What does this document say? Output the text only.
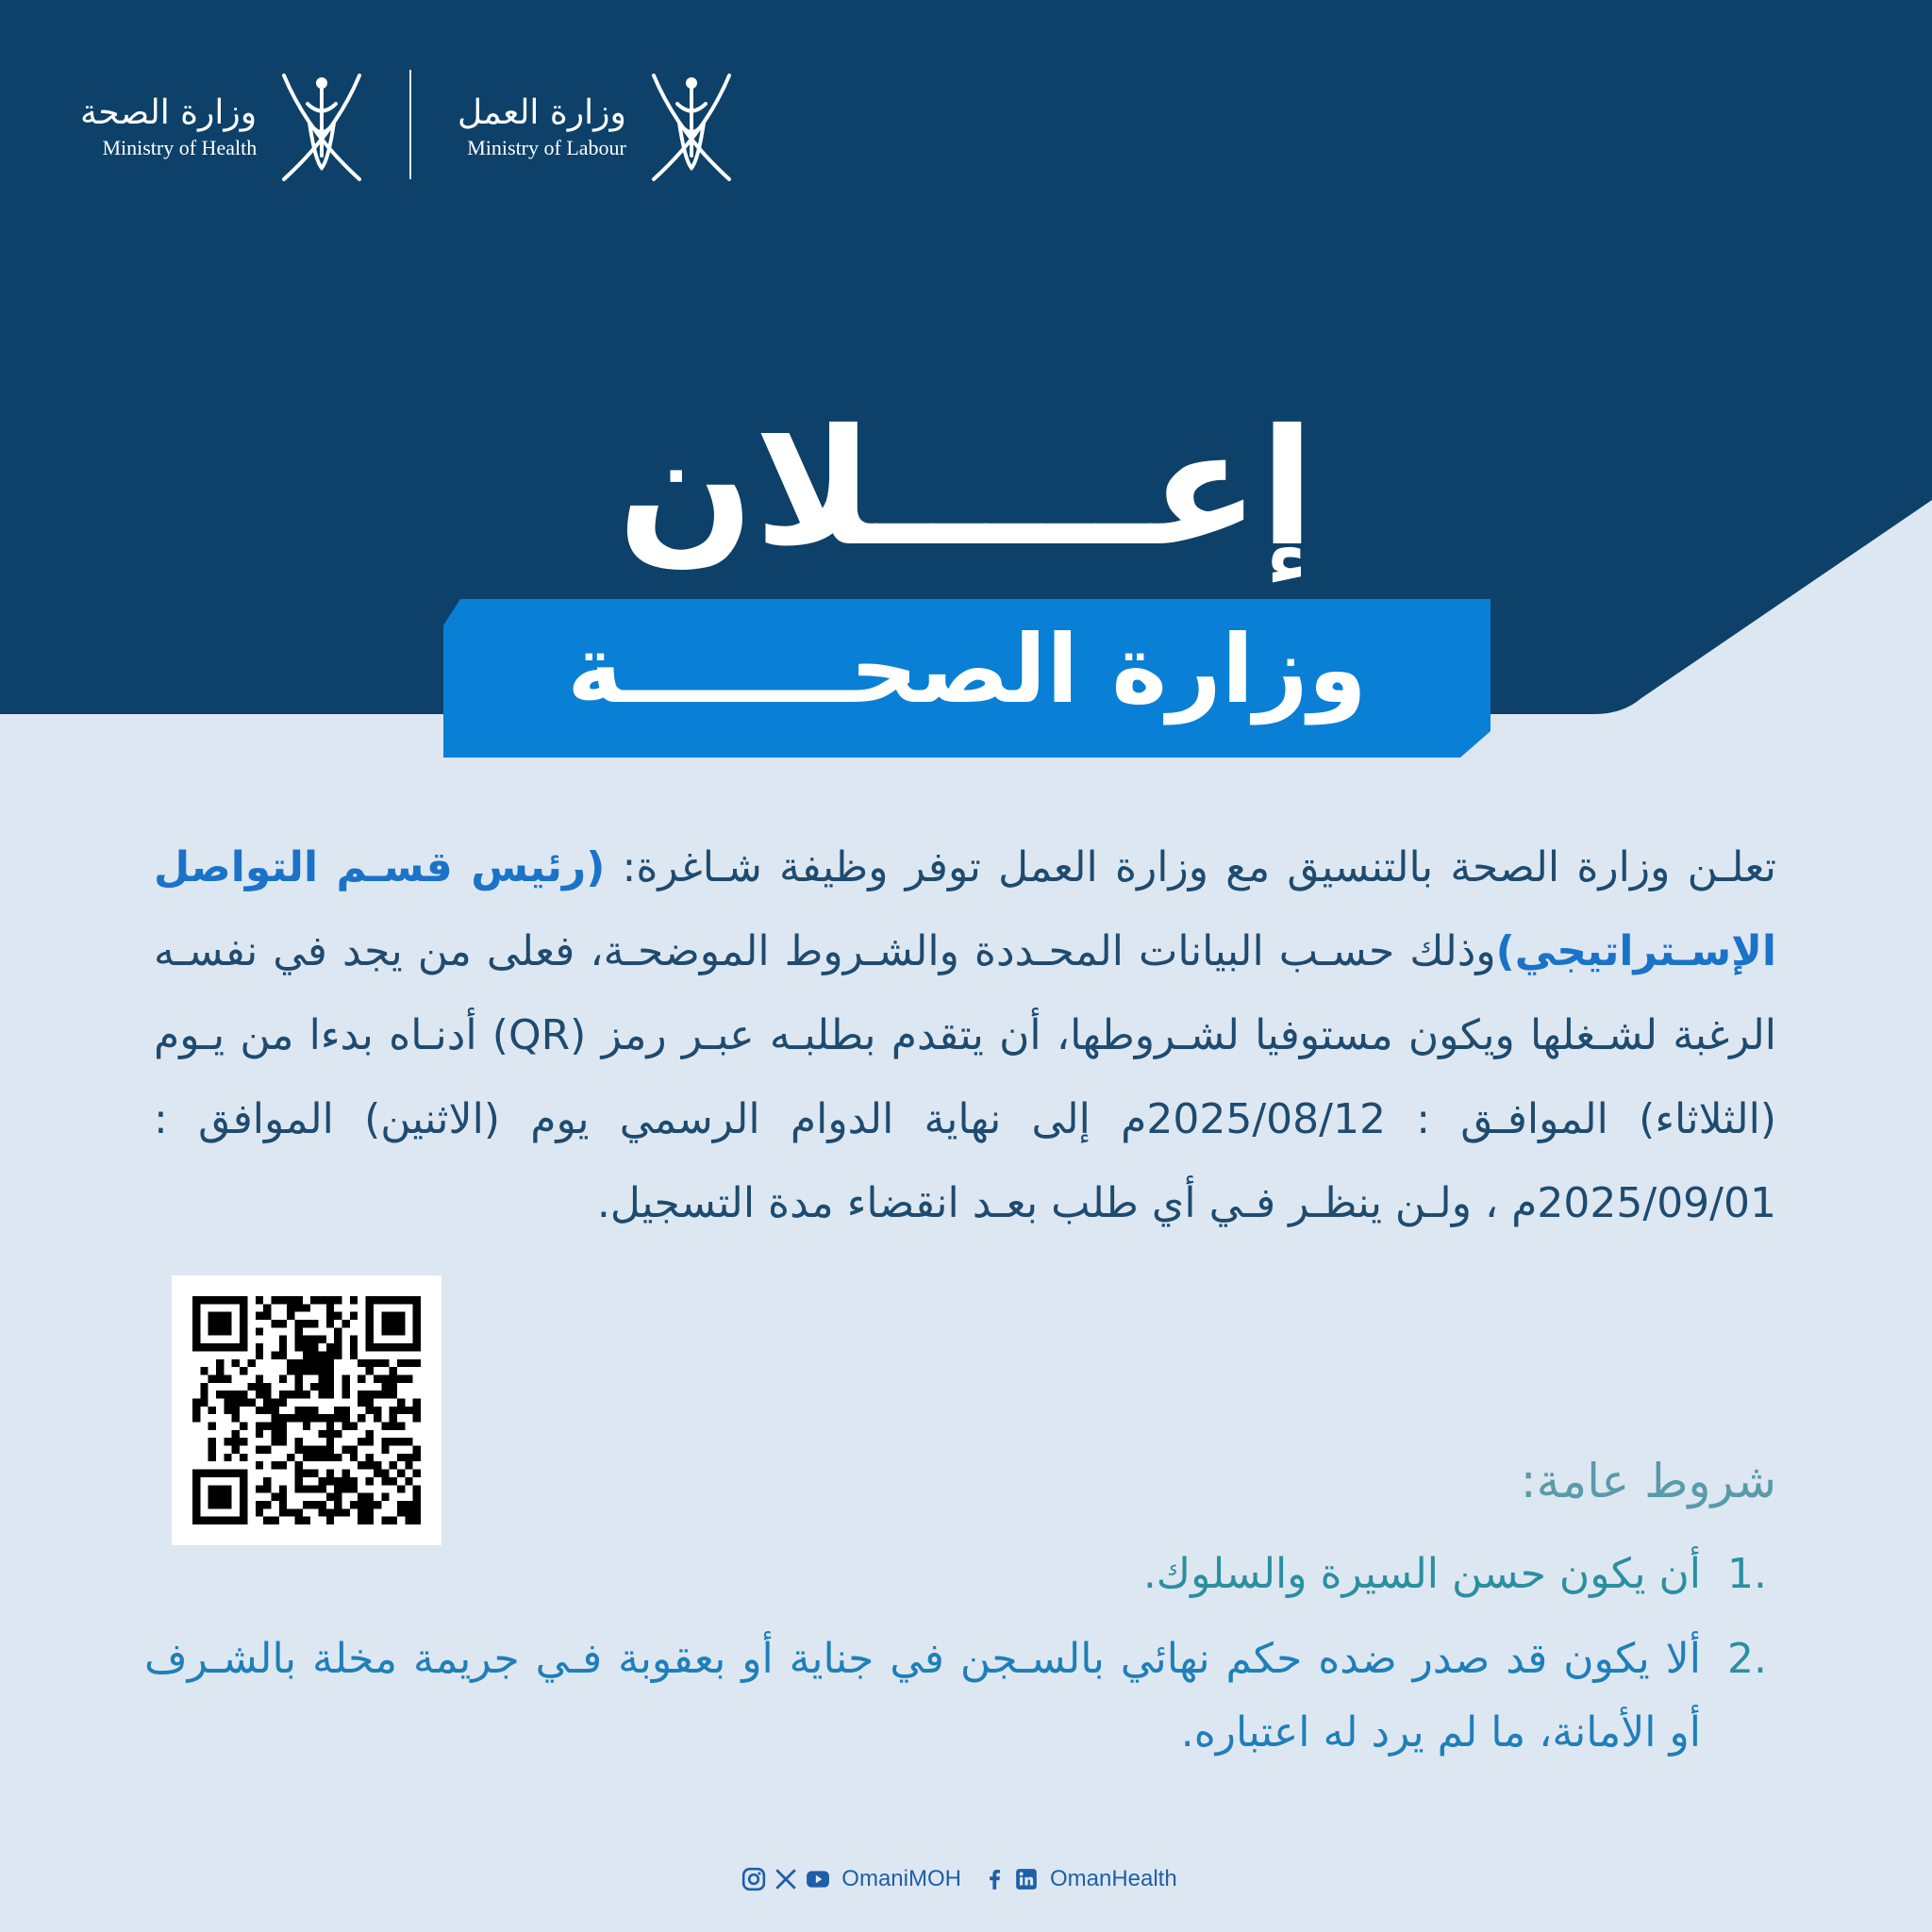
وزارة الصحة
Ministry of Health
وزارة العمل
Ministry of Labour
إعـــــلان
وزارة الصحـــــــة
تعلـن وزارة الصحة بالتنسيق مع وزارة العمل توفر وظيفة شـاغرة: (رئيس قسـم التواصل الإسـتراتيجي)وذلك حسـب البيانات المحـددة والشـروط الموضحـة، فعلى من يجد في نفسـه الرغبة لشـغلها ويكون مستوفيا لشـروطها، أن يتقدم بطلبـه عبـر رمز (QR) أدنـاه بدءا من يـوم (الثلاثاء) الموافـق : 2025/08/12م إلى نهاية الدوام الرسمي يوم (الاثنين) الموافق : 2025/09/01م ، ولـن ينظـر فـي أي طلب بعـد انقضاء مدة التسجيل.
شروط عامة:
.1
أن يكون حسن السيرة والسلوك.
.2
ألا يكون قد صدر ضده حكم نهائي بالسـجن في جناية أو بعقوبة فـي جريمة مخلة بالشـرف أو الأمانة، ما لم يرد له اعتباره.
OmaniMOH	OmanHealth
